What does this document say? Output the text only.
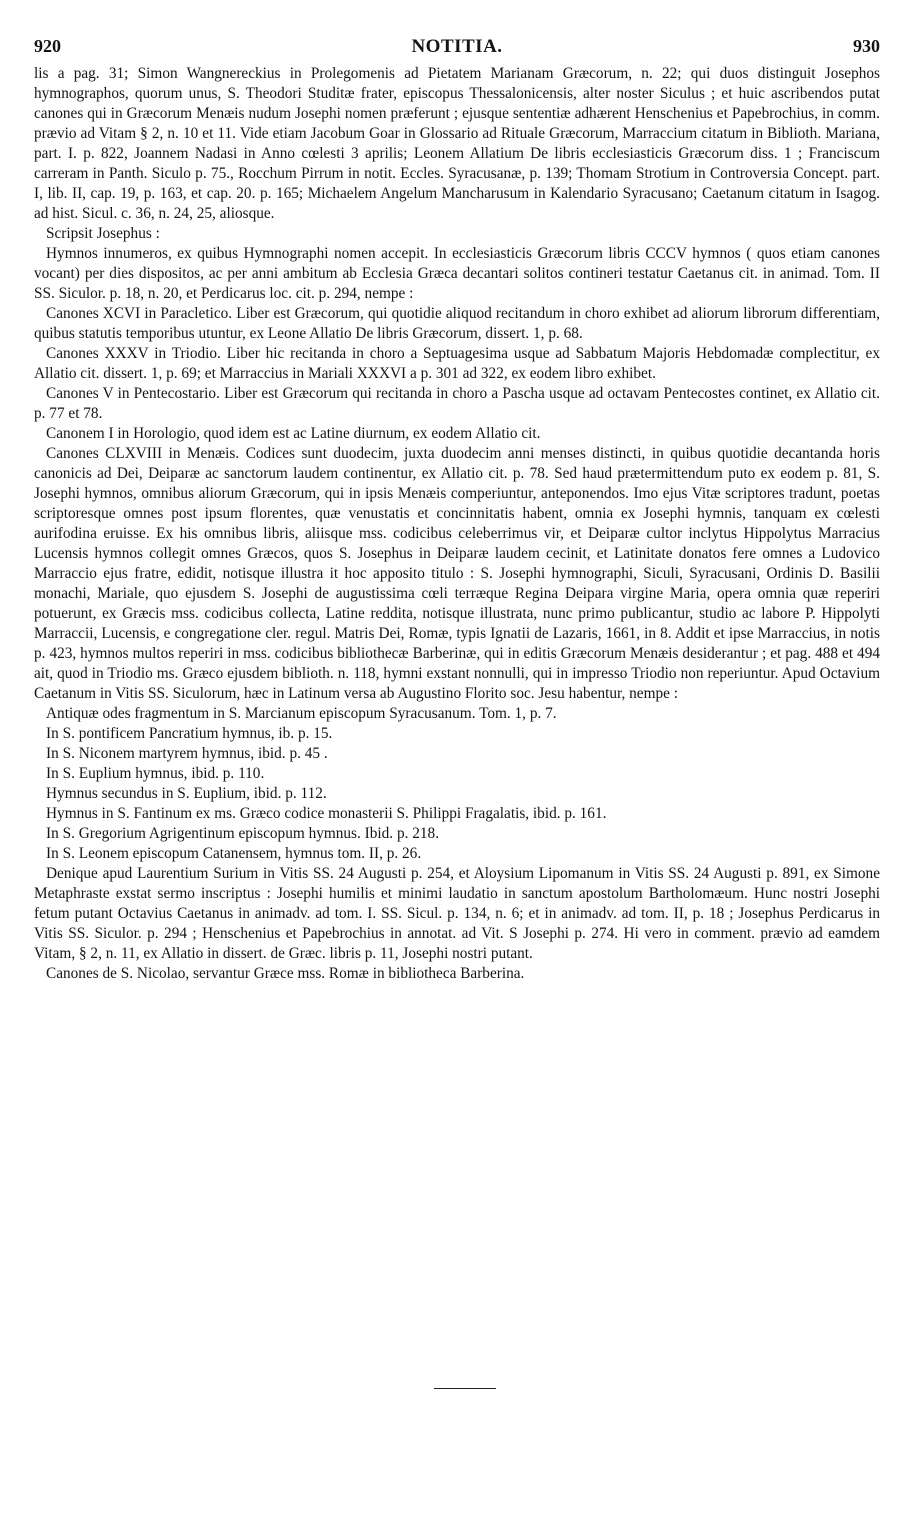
920	NOTITIA.	930

lis a pag. 31; Simon Wangnereckius in Prolegomenis ad Pietatem Marianam Græcorum, n. 22; qui duos distinguit Josephos hymnographos, quorum unus, S. Theodori Studitæ frater, episcopus Thessalonicensis, alter noster Siculus ; et huic ascribendos putat canones qui in Græcorum Menæis nudum Josephi nomen præferunt ; ejusque sententiæ adhærent Henschenius et Papebrochius, in comm. prævio ad Vitam § 2, n. 10 et 11. Vide etiam Jacobum Goar in Glossario ad Rituale Græcorum, Marraccium citatum in Biblioth. Mariana, part. I. p. 822, Joannem Nadasi in Anno cœlesti 3 aprilis; Leonem Allatium De libris ecclesiasticis Græcorum diss. 1 ; Franciscum carreram in Panth. Siculo p. 75., Rocchum Pirrum in notit. Eccles. Syracusanæ, p. 139; Thomam Strotium in Controversia Concept. part. I, lib. II, cap. 19, p. 163, et cap. 20. p. 165; Michaelem Angelum Mancharusum in Kalendario Syracusano; Caetanum citatum in Isagog. ad hist. Sicul. c. 36, n. 24, 25, aliosque.

Scripsit Josephus :

Hymnos innumeros, ex quibus Hymnographi nomen accepit. In ecclesiasticis Græcorum libris CCCV hymnos ( quos etiam canones vocant) per dies dispositos, ac per anni ambitum ab Ecclesia Græca decantari solitos contineri testatur Caetanus cit. in animad. Tom. II SS. Siculor. p. 18, n. 20, et Perdicarus loc. cit. p. 294, nempe :

Canones XCVI in Paracletico. Liber est Græcorum, qui quotidie aliquod recitandum in choro exhibet ad aliorum librorum differentiam, quibus statutis temporibus utuntur, ex Leone Allatio De libris Græcorum, dissert. 1, p. 68.

Canones XXXV in Triodio. Liber hic recitanda in choro a Septuagesima usque ad Sabbatum Majoris Hebdomadæ complectitur, ex Allatio cit. dissert. 1, p. 69; et Marraccius in Mariali XXXVI a p. 301 ad 322, ex eodem libro exhibet.

Canones V in Pentecostario. Liber est Græcorum qui recitanda in choro a Pascha usque ad octavam Pentecostes continet, ex Allatio cit. p. 77 et 78.

Canonem I in Horologio, quod idem est ac Latine diurnum, ex eodem Allatio cit.

Canones CLXVIII in Menæis. Codices sunt duodecim, juxta duodecim anni menses distincti, in quibus quotidie decantanda horis canonicis ad Dei, Deiparæ ac sanctorum laudem continentur, ex Allatio cit. p. 78. Sed haud prætermittendum puto ex eodem p. 81, S. Josephi hymnos, omnibus aliorum Græcorum, qui in ipsis Menæis comperiuntur, anteponendos. Imo ejus Vitæ scriptores tradunt, poetas scriptoresque omnes post ipsum florentes, quæ venustatis et concinnitatis habent, omnia ex Josephi hymnis, tanquam ex cœlesti aurifodina eruisse. Ex his omnibus libris, aliisque mss. codicibus celeberrimus vir, et Deiparæ cultor inclytus Hippolytus Marracius Lucensis hymnos collegit omnes Græcos, quos S. Josephus in Deiparæ laudem cecinit, et Latinitate donatos fere omnes a Ludovico Marraccio ejus fratre, edidit, notisque illustra it hoc apposito titulo : S. Josephi hymnographi, Siculi, Syracusani, Ordinis D. Basilii monachi, Mariale, quo ejusdem S. Josephi de augustissima cœli terræque Regina Deipara virgine Maria, opera omnia quæ reperiri potuerunt, ex Græcis mss. codicibus collecta, Latine reddita, notisque illustrata, nunc primo publicantur, studio ac labore P. Hippolyti Marraccii, Lucensis, e congregatione cler. regul. Matris Dei, Romæ, typis Ignatii de Lazaris, 1661, in 8. Addit et ipse Marraccius, in notis p. 423, hymnos multos reperiri in mss. codicibus bibliothecæ Barberinæ, qui in editis Græcorum Menæis desiderantur ; et pag. 488 et 494 ait, quod in Triodio ms. Græco ejusdem biblioth. n. 118, hymni exstant nonnulli, qui in impresso Triodio non reperiuntur. Apud Octavium Caetanum in Vitis SS. Siculorum, hæc in Latinum versa ab Augustino Florito soc. Jesu habentur, nempe :

Antiquæ odes fragmentum in S. Marcianum episcopum Syracusanum. Tom. 1, p. 7.

In S. pontificem Pancratium hymnus, ib. p. 15.

In S. Niconem martyrem hymnus, ibid. p. 45 .

In S. Euplium hymnus, ibid. p. 110.

Hymnus secundus in S. Euplium, ibid. p. 112.

Hymnus in S. Fantinum ex ms. Græco codice monasterii S. Philippi Fragalatis, ibid. p. 161.

In S. Gregorium Agrigentinum episcopum hymnus. Ibid. p. 218.

In S. Leonem episcopum Catanensem, hymnus tom. II, p. 26.

Denique apud Laurentium Surium in Vitis SS. 24 Augusti p. 254, et Aloysium Lipomanum in Vitis SS. 24 Augusti p. 891, ex Simone Metaphraste exstat sermo inscriptus : Josephi humilis et minimi laudatio in sanctum apostolum Bartholomæum. Hunc nostri Josephi fetum putant Octavius Caetanus in animadv. ad tom. I. SS. Sicul. p. 134, n. 6; et in animadv. ad tom. II, p. 18 ; Josephus Perdicarus in Vitis SS. Siculor. p. 294 ; Henschenius et Papebrochius in annotat. ad Vit. S Josephi p. 274. Hi vero in comment. prævio ad eamdem Vitam, § 2, n. 11, ex Allatio in dissert. de Græc. libris p. 11, Josephi nostri putant.

Canones de S. Nicolao, servantur Græce mss. Romæ in bibliotheca Barberina.
